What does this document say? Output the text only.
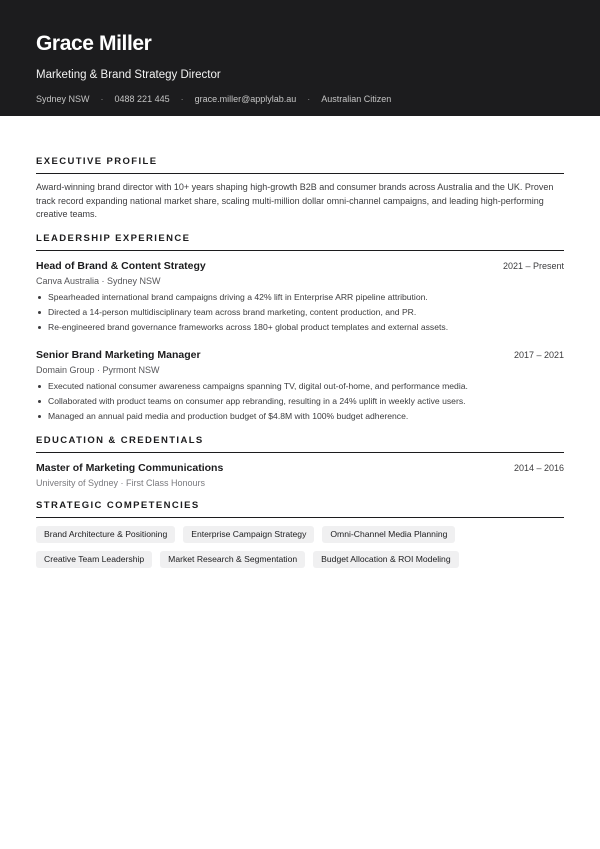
Grace Miller
Marketing & Brand Strategy Director
Sydney NSW · 0488 221 445 · grace.miller@applylab.au · Australian Citizen
EXECUTIVE PROFILE
Award-winning brand director with 10+ years shaping high-growth B2B and consumer brands across Australia and the UK. Proven track record expanding national market share, scaling multi-million dollar omni-channel campaigns, and leading high-performing creative teams.
LEADERSHIP EXPERIENCE
Head of Brand & Content Strategy	2021 – Present
Canva Australia · Sydney NSW
Spearheaded international brand campaigns driving a 42% lift in Enterprise ARR pipeline attribution.
Directed a 14-person multidisciplinary team across brand marketing, content production, and PR.
Re-engineered brand governance frameworks across 180+ global product templates and external assets.
Senior Brand Marketing Manager	2017 – 2021
Domain Group · Pyrmont NSW
Executed national consumer awareness campaigns spanning TV, digital out-of-home, and performance media.
Collaborated with product teams on consumer app rebranding, resulting in a 24% uplift in weekly active users.
Managed an annual paid media and production budget of $4.8M with 100% budget adherence.
EDUCATION & CREDENTIALS
Master of Marketing Communications	2014 – 2016
University of Sydney · First Class Honours
STRATEGIC COMPETENCIES
Brand Architecture & Positioning	Enterprise Campaign Strategy	Omni-Channel Media Planning
Creative Team Leadership	Market Research & Segmentation	Budget Allocation & ROI Modeling
